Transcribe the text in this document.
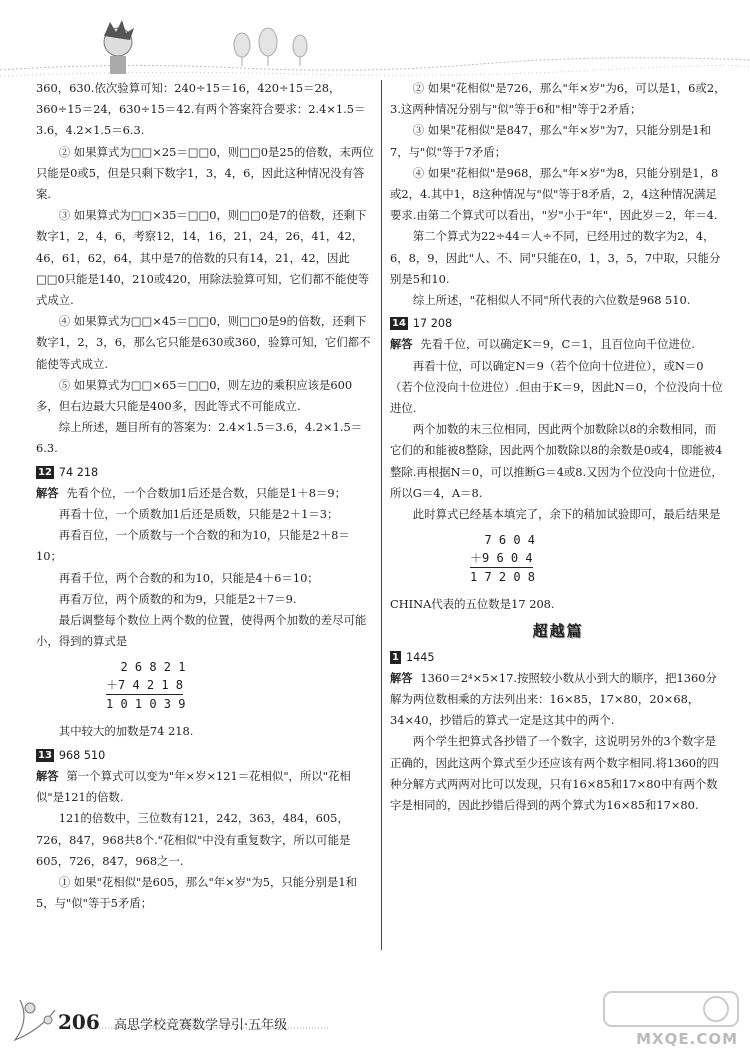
360，630.依次验算可知：240÷15＝16，420÷15＝28，360÷15＝24，630÷15＝42.有两个答案符合要求：2.4×1.5＝3.6，4.2×1.5＝6.3.

② 如果算式为□□×25＝□□0，则□□0是25的倍数，末两位只能是0或5，但是只剩下数字1，3，4，6，因此这种情况没有答案.

③ 如果算式为□□×35＝□□0，则□□0是7的倍数，还剩下数字1，2，4，6，考察12，14，16，21，24，26，41，42，46，61，62，64，其中是7的倍数的只有14，21，42，因此□□0只能是140，210或420，用除法验算可知，它们都不能使等式成立.

④ 如果算式为□□×45＝□□0，则□□0是9的倍数，还剩下数字1，2，3，6，那么它只能是630或360，验算可知，它们都不能使等式成立.

⑤ 如果算式为□□×65＝□□0，则左边的乘积应该是600多，但右边最大只能是400多，因此等式不可能成立.

综上所述，题目所有的答案为：2.4×1.5＝3.6，4.2×1.5＝6.3.

12 74 218

解答 先看个位，一个合数加1后还是合数，只能是1＋8＝9；

再看十位，一个质数加1后还是质数，只能是2＋1＝3；

再看百位，一个质数与一个合数的和为10，只能是2＋8＝10；

再看千位，两个合数的和为10，只能是4＋6＝10；

再看万位，两个质数的和为9，只能是2＋7＝9.

最后调整每个数位上两个数的位置，使得两个加数的差尽可能小，得到的算式是

2 6 8 2 1
＋7 4 2 1 8
1 0 1 0 3 9

其中较大的加数是74 218.

13 968 510

解答 第一个算式可以变为"年×岁×121＝花相似"，所以"花相似"是121的倍数.

121的倍数中，三位数有121，242，363，484，605，726，847，968共8个."花相似"中没有重复数字，所以可能是605，726，847，968之一.

① 如果"花相似"是605，那么"年×岁"为5，只能分别是1和5，与"似"等于5矛盾；

② 如果"花相似"是726，那么"年×岁"为6，可以是1，6或2，3.这两种情况分别与"似"等于6和"相"等于2矛盾；

③ 如果"花相似"是847，那么"年×岁"为7，只能分别是1和7，与"似"等于7矛盾；

④ 如果"花相似"是968，那么"年×岁"为8，只能分别是1，8或2，4.其中1，8这种情况与"似"等于8矛盾，2，4这种情况满足要求.由第二个算式可以看出，"岁"小于"年"，因此岁＝2，年＝4.

第二个算式为22÷44＝人÷不同，已经用过的数字为2，4，6，8，9，因此"人、不、同"只能在0，1，3，5，7中取，只能分别是5和10.

综上所述，"花相似人不同"所代表的六位数是968 510.

14 17 208

解答 先看千位，可以确定K＝9，C＝1，且百位向千位进位.

再看十位，可以确定N＝9（若个位向十位进位），或N＝0（若个位没向十位进位）.但由于K＝9，因此N＝0，个位没向十位进位.

两个加数的末三位相同，因此两个加数除以8的余数相同，而它们的和能被8整除，因此两个加数除以8的余数是0或4，即能被4整除.再根据N＝0，可以推断G＝4或8.又因为个位没向十位进位，所以G＝4，A＝8.

此时算式已经基本填完了，余下的稍加试验即可，最后结果是

7 6 0 4
＋9 6 0 4
1 7 2 0 8

CHINA代表的五位数是17 208.

超越篇

1 1445

解答 1360＝2⁴×5×17.按照较小数从小到大的顺序，把1360分解为两位数相乘的方法列出来：16×85，17×80，20×68，34×40，抄错后的算式一定是这其中的两个.

两个学生把算式各抄错了一个数字，这说明另外的3个数字是正确的，因此这两个算式至少还应该有两个数字相同.将1360的四种分解方式两两对比可以发现，只有16×85和17×80中有两个数字是相同的，因此抄错后得到的两个算式为16×85和17×80.

206 高思学校竞赛数学导引·五年级
MXQE.COM
